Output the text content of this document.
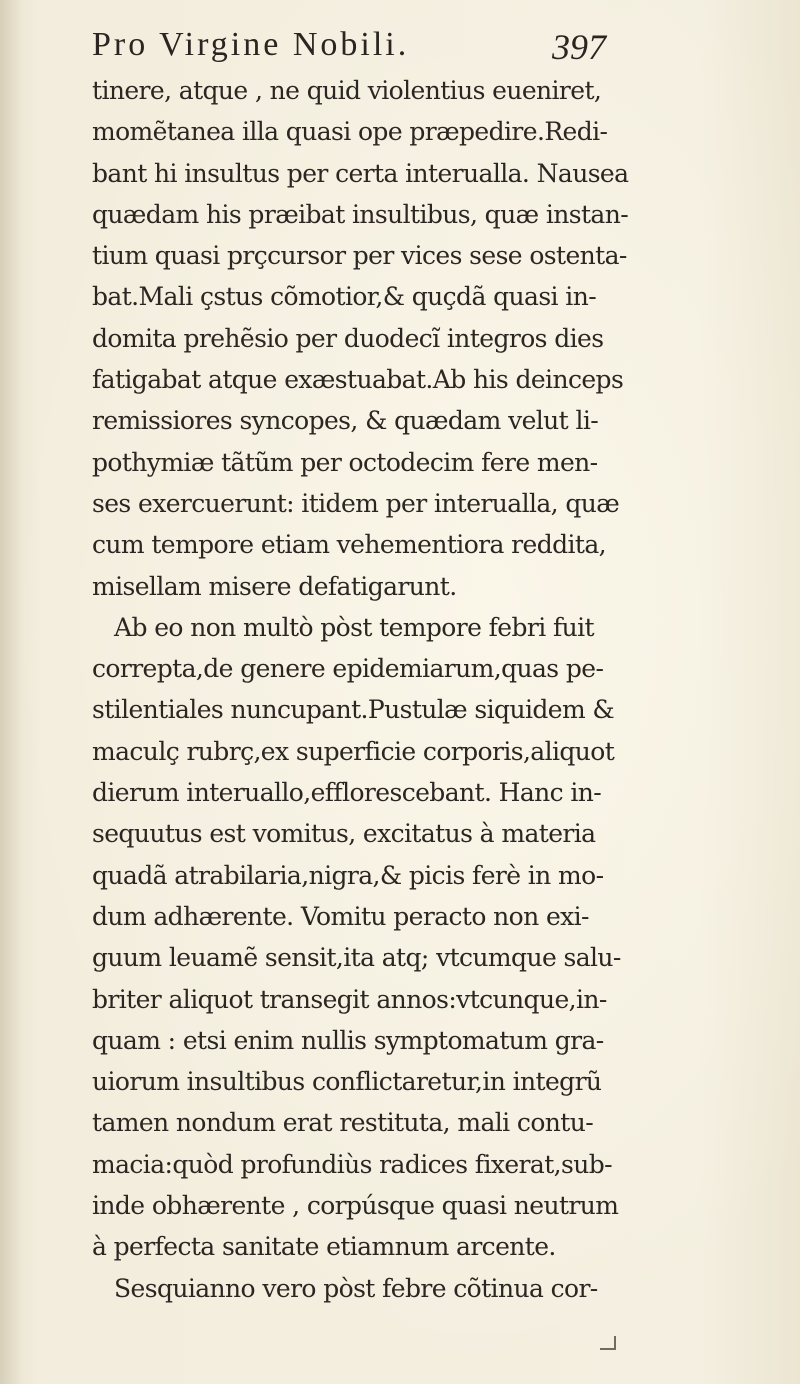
Pro Virgine Nobili.	397
tinere, atque , ne quid violentius eueniret,
momẽtanea illa quasi ope præpedire.Redi-
bant hi insultus per certa interualla. Nausea
quædam his præibat insultibus, quæ instan-
tium quasi prçcursor per vices sese ostenta-
bat.Mali çstus cõmotior,& quçdã quasi in-
domita prehẽsio per duodecĩ integros dies
fatigabat atque exæstuabat.Ab his deinceps
remissiores syncopes, & quædam velut li-
pothymiæ tãtũm per octodecim fere men-
ses exercuerunt: itidem per interualla, quæ
cum tempore etiam vehementiora reddita,
misellam misere defatigarunt.
Ab eo non multò pòst tempore febri fuit
correpta,de genere epidemiarum,quas pe-
stilentiales nuncupant.Pustulæ siquidem &
maculç rubrç,ex superficie corporis,aliquot
dierum interuallo,efflorescebant. Hanc in-
sequutus est vomitus, excitatus à materia
quadã atrabilaria,nigra,& picis ferè in mo-
dum adhærente. Vomitu peracto non exi-
guum leuamẽ sensit,ita atq; vtcumque salu-
briter aliquot transegit annos:vtcunque,in-
quam : etsi enim nullis symptomatum gra-
uiorum insultibus conflictaretur,in integrũ
tamen nondum erat restituta, mali contu-
macia:quòd profundiùs radices fixerat,sub-
inde obhærente , corpúsque quasi neutrum
à perfecta sanitate etiamnum arcente.
Sesquianno vero pòst febre cõtinua cor-
